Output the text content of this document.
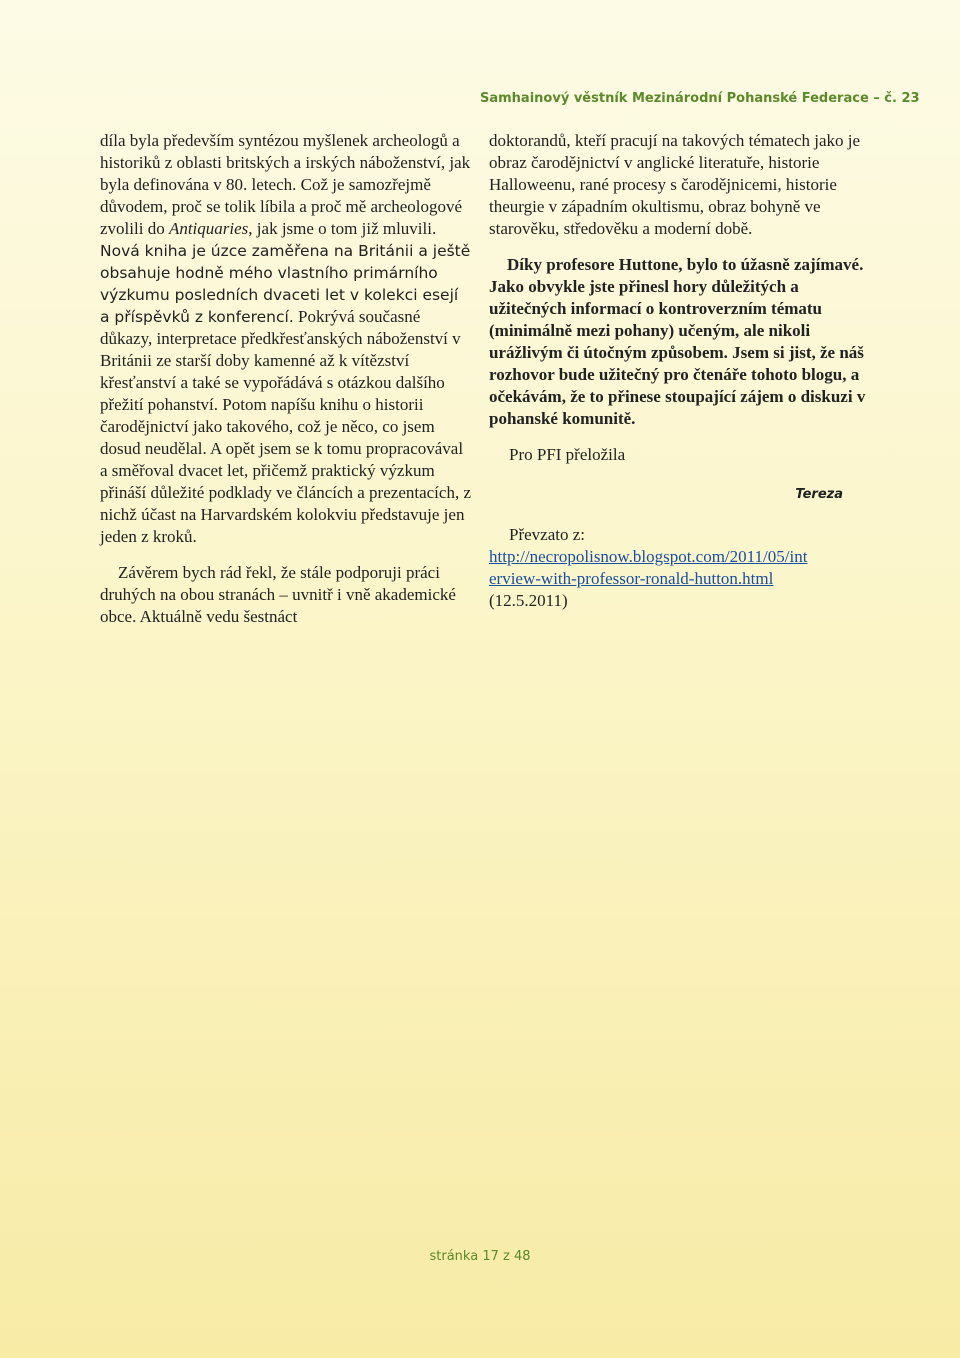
Samhainový věstník Mezinárodní Pohanské Federace – č. 23

díla byla především syntézou myšlenek archeologů a historiků z oblasti britských a irských náboženství, jak byla definována v 80. letech. Což je samozřejmě důvodem, proč se tolik líbila a proč mě archeologové zvolili do Antiquaries, jak jsme o tom již mluvili. Nová kniha je úzce zaměřena na Británii a ještě obsahuje hodně mého vlastního primárního výzkumu posledních dvaceti let v kolekci esejí a příspěvků z konferencí. Pokrývá současné důkazy, interpretace předkřesťanských náboženství v Británii ze starší doby kamenné až k vítězství křesťanství a také se vypořádává s otázkou dalšího přežití pohanství. Potom napíšu knihu o historii čarodějnictví jako takového, což je něco, co jsem dosud neudělal. A opět jsem se k tomu propracovával a směřoval dvacet let, přičemž praktický výzkum přináší důležité podklady ve článcích a prezentacích, z nichž účast na Harvardském kolokviu představuje jen jeden z kroků.

Závěrem bych rád řekl, že stále podporuji práci druhých na obou stranách – uvnitř i vně akademické obce. Aktuálně vedu šestnáct

doktorandů, kteří pracují na takových tématech jako je obraz čarodějnictví v anglické literatuře, historie Halloweenu, rané procesy s čarodějnicemi, historie theurgie v západním okultismu, obraz bohyně ve starověku, středověku a moderní době.

Díky profesore Huttone, bylo to úžasně zajímavé. Jako obvykle jste přinesl hory důležitých a užitečných informací o kontroverzním tématu (minimálně mezi pohany) učeným, ale nikoli urážlivým či útočným způsobem. Jsem si jist, že náš rozhovor bude užitečný pro čtenáře tohoto blogu, a očekávám, že to přinese stoupající zájem o diskuzi v pohanské komunitě.

Pro PFI přeložila

Tereza

Převzato z:

http://necropolisnow.blogspot.com/2011/05/int
erview-with-professor-ronald-hutton.html
(12.5.2011)
stránka 17 z 48
